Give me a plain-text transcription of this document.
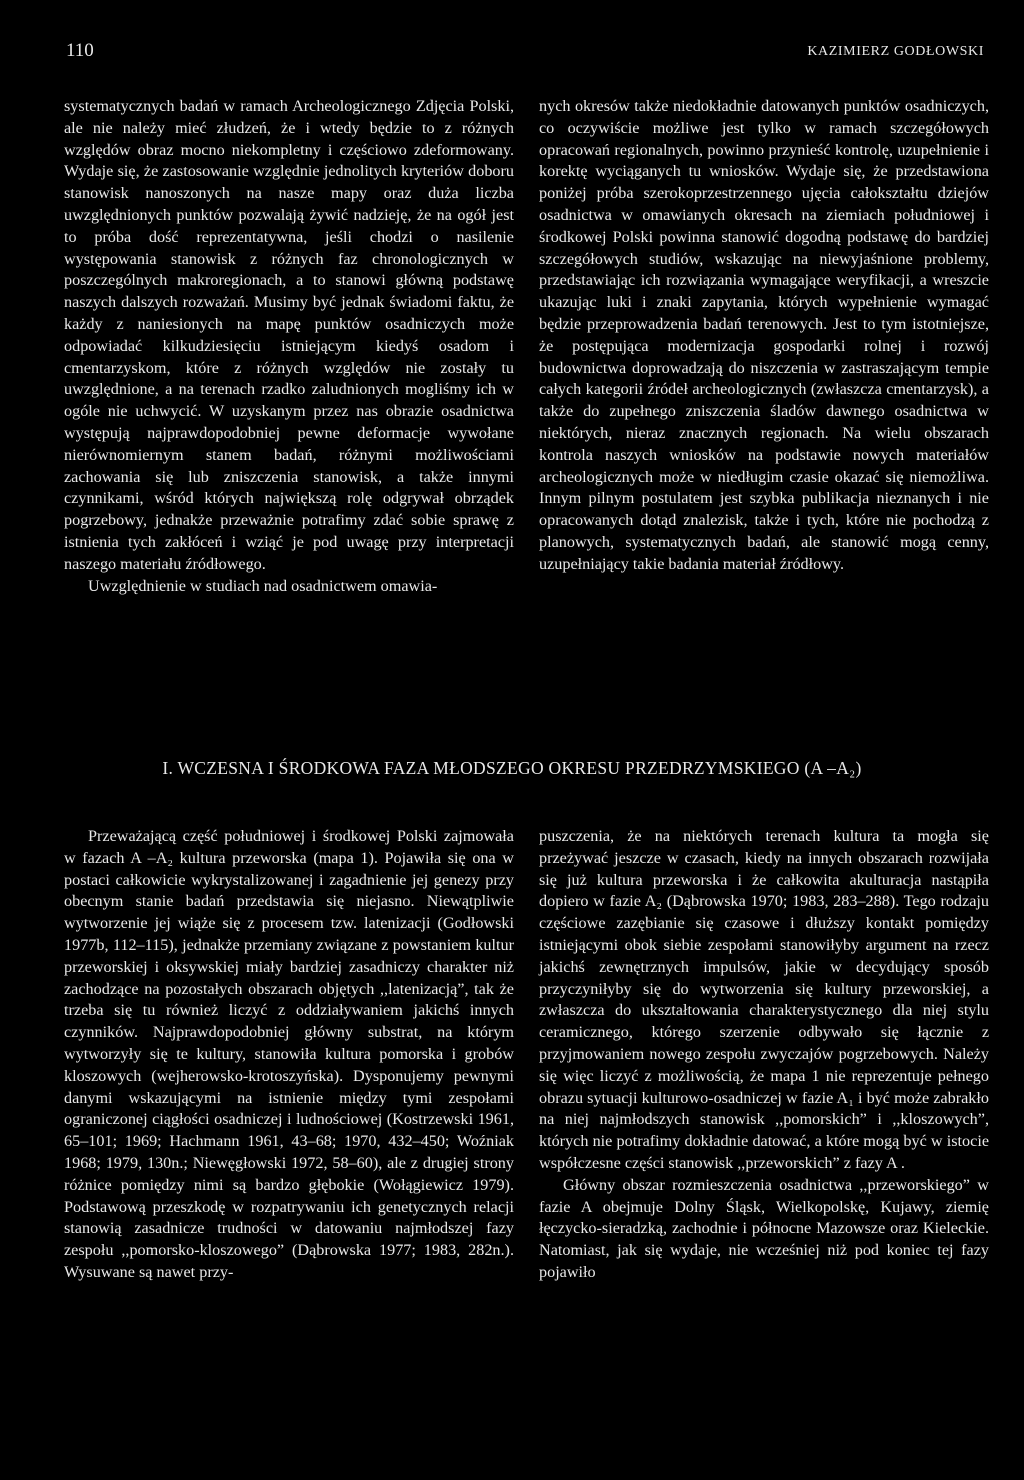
110	KAZIMIERZ GODŁOWSKI

systematycznych badań w ramach Archeologicznego Zdjęcia Polski, ale nie należy mieć złudzeń, że i wtedy będzie to z różnych względów obraz mocno niekompletny i częściowo zdeformowany. Wydaje się, że zastosowanie względnie jednolitych kryteriów doboru stanowisk nanoszonych na nasze mapy oraz duża liczba uwzględnionych punktów pozwalają żywić nadzieję, że na ogół jest to próba dość reprezentatywna, jeśli chodzi o nasilenie występowania stanowisk z różnych faz chronologicznych w poszczególnych makroregionach, a to stanowi główną podstawę naszych dalszych rozważań. Musimy być jednak świadomi faktu, że każdy z naniesionych na mapę punktów osadniczych może odpowiadać kilkudziesięciu istniejącym kiedyś osadom i cmentarzyskom, które z różnych względów nie zostały tu uwzględnione, a na terenach rzadko zaludnionych mogliśmy ich w ogóle nie uchwycić. W uzyskanym przez nas obrazie osadnictwa występują najprawdopodobniej pewne deformacje wywołane nierównomiernym stanem badań, różnymi możliwościami zachowania się lub zniszczenia stanowisk, a także innymi czynnikami, wśród których największą rolę odgrywał obrządek pogrzebowy, jednakże przeważnie potrafimy zdać sobie sprawę z istnienia tych zakłóceń i wziąć je pod uwagę przy interpretacji naszego materiału źródłowego.

Uwzględnienie w studiach nad osadnictwem omawia-

nych okresów także niedokładnie datowanych punktów osadniczych, co oczywiście możliwe jest tylko w ramach szczegółowych opracowań regionalnych, powinno przynieść kontrolę, uzupełnienie i korektę wyciąganych tu wniosków. Wydaje się, że przedstawiona poniżej próba szerokoprzestrzennego ujęcia całokształtu dziejów osadnictwa w omawianych okresach na ziemiach południowej i środkowej Polski powinna stanowić dogodną podstawę do bardziej szczegółowych studiów, wskazując na niewyjaśnione problemy, przedstawiając ich rozwiązania wymagające weryfikacji, a wreszcie ukazując luki i znaki zapytania, których wypełnienie wymagać będzie przeprowadzenia badań terenowych. Jest to tym istotniejsze, że postępująca modernizacja gospodarki rolnej i rozwój budownictwa doprowadzają do niszczenia w zastraszającym tempie całych kategorii źródeł archeologicznych (zwłaszcza cmentarzysk), a także do zupełnego zniszczenia śladów dawnego osadnictwa w niektórych, nieraz znacznych regionach. Na wielu obszarach kontrola naszych wniosków na podstawie nowych materiałów archeologicznych może w niedługim czasie okazać się niemożliwa. Innym pilnym postulatem jest szybka publikacja nieznanych i nie opracowanych dotąd znalezisk, także i tych, które nie pochodzą z planowych, systematycznych badań, ale stanowić mogą cenny, uzupełniający takie badania materiał źródłowy.

I. WCZESNA I ŚRODKOWA FAZA MŁODSZEGO OKRESU PRZEDRZYMSKIEGO (A –A₂)

Przeważającą część południowej i środkowej Polski zajmowała w fazach A –A₂ kultura przeworska (mapa 1). Pojawiła się ona w postaci całkowicie wykrystalizowanej i zagadnienie jej genezy przy obecnym stanie badań przedstawia się niejasno. Niewątpliwie wytworzenie jej wiąże się z procesem tzw. latenizacji (Godłowski 1977b, 112–115), jednakże przemiany związane z powstaniem kultur przeworskiej i oksywskiej miały bardziej zasadniczy charakter niż zachodzące na pozostałych obszarach objętych ,,latenizacją”, tak że trzeba się tu również liczyć z oddziaływaniem jakichś innych czynników. Najprawdopodobniej główny substrat, na którym wytworzyły się te kultury, stanowiła kultura pomorska i grobów kloszowych (wejherowsko-krotoszyńska). Dysponujemy pewnymi danymi wskazującymi na istnienie między tymi zespołami ograniczonej ciągłości osadniczej i ludnościowej (Kostrzewski 1961, 65–101; 1969; Hachmann 1961, 43–68; 1970, 432–450; Woźniak 1968; 1979, 130n.; Niewęgłowski 1972, 58–60), ale z drugiej strony różnice pomiędzy nimi są bardzo głębokie (Wołągiewicz 1979). Podstawową przeszkodę w rozpatrywaniu ich genetycznych relacji stanowią zasadnicze trudności w datowaniu najmłodszej fazy zespołu ,,pomorsko-kloszowego” (Dąbrowska 1977; 1983, 282n.). Wysuwane są nawet przy-

puszczenia, że na niektórych terenach kultura ta mogła się przeżywać jeszcze w czasach, kiedy na innych obszarach rozwijała się już kultura przeworska i że całkowita akulturacja nastąpiła dopiero w fazie A₂ (Dąbrowska 1970; 1983, 283–288). Tego rodzaju częściowe zazębianie się czasowe i dłuższy kontakt pomiędzy istniejącymi obok siebie zespołami stanowiłyby argument na rzecz jakichś zewnętrznych impulsów, jakie w decydujący sposób przyczyniłyby się do wytworzenia się kultury przeworskiej, a zwłaszcza do ukształtowania charakterystycznego dla niej stylu ceramicznego, którego szerzenie odbywało się łącznie z przyjmowaniem nowego zespołu zwyczajów pogrzebowych. Należy się więc liczyć z możliwością, że mapa 1 nie reprezentuje pełnego obrazu sytuacji kulturowo-osadniczej w fazie A₁ i być może zabrakło na niej najmłodszych stanowisk ,,pomorskich” i ,,kloszowych”, których nie potrafimy dokładnie datować, a które mogą być w istocie współczesne części stanowisk ,,przeworskich” z fazy A .

Główny obszar rozmieszczenia osadnictwa ,,przeworskiego” w fazie A obejmuje Dolny Śląsk, Wielkopolskę, Kujawy, ziemię łęczycko-sieradzką, zachodnie i północne Mazowsze oraz Kieleckie. Natomiast, jak się wydaje, nie wcześniej niż pod koniec tej fazy pojawiło
